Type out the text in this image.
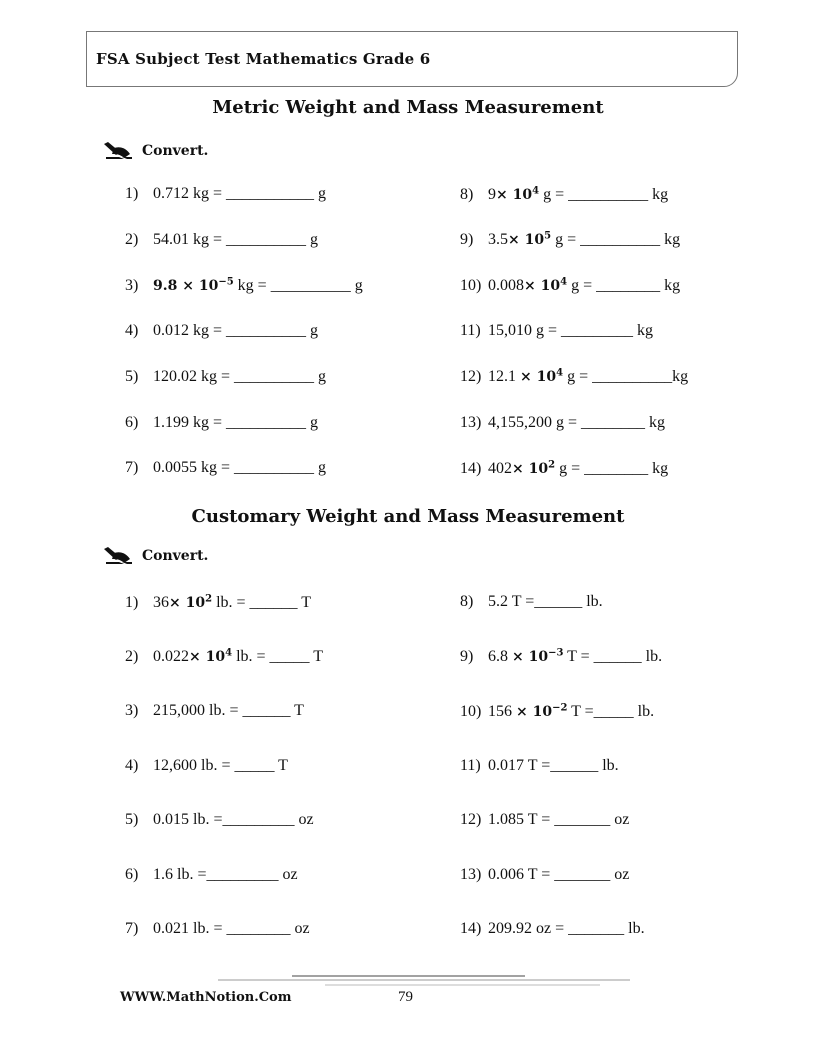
FSA Subject Test Mathematics Grade 6
Metric Weight and Mass Measurement
Convert.
1) 0.712 kg = ___________ g
2) 54.01 kg = __________ g
3) $9.8 \times 10^{-5}$ kg = __________ g
4) 0.012 kg = __________ g
5) 120.02 kg = __________ g
6) 1.199 kg = __________ g
7) 0.0055 kg = __________ g
8) $9\times 10^4$ g = __________ kg
9) $3.5\times 10^5$ g = __________ kg
10) $0.008\times 10^4$ g = ________ kg
11) 15,010 g = _________ kg
12) $12.1 \times 10^4$ g = __________kg
13) 4,155,200 g = ________ kg
14) $402\times 10^2$ g = ________ kg
Customary Weight and Mass Measurement
Convert.
1) $36\times 10^2$ lb. = ______ T
2) $0.022\times 10^4$ lb. = _____ T
3) 215,000 lb. = ______ T
4) 12,600 lb. = _____ T
5) 0.015 lb. =_________ oz
6) 1.6 lb. =_________ oz
7) 0.021 lb. = ________ oz
8) 5.2 T =______ lb.
9) $6.8 \times 10^{-3}$ T = ______ lb.
10) $156 \times 10^{-2}$ T =_____ lb.
11) 0.017 T =______ lb.
12) 1.085 T = _______ oz
13) 0.006 T = _______ oz
14) 209.92 oz = _______ lb.
WWW.MathNotion.Com	79
